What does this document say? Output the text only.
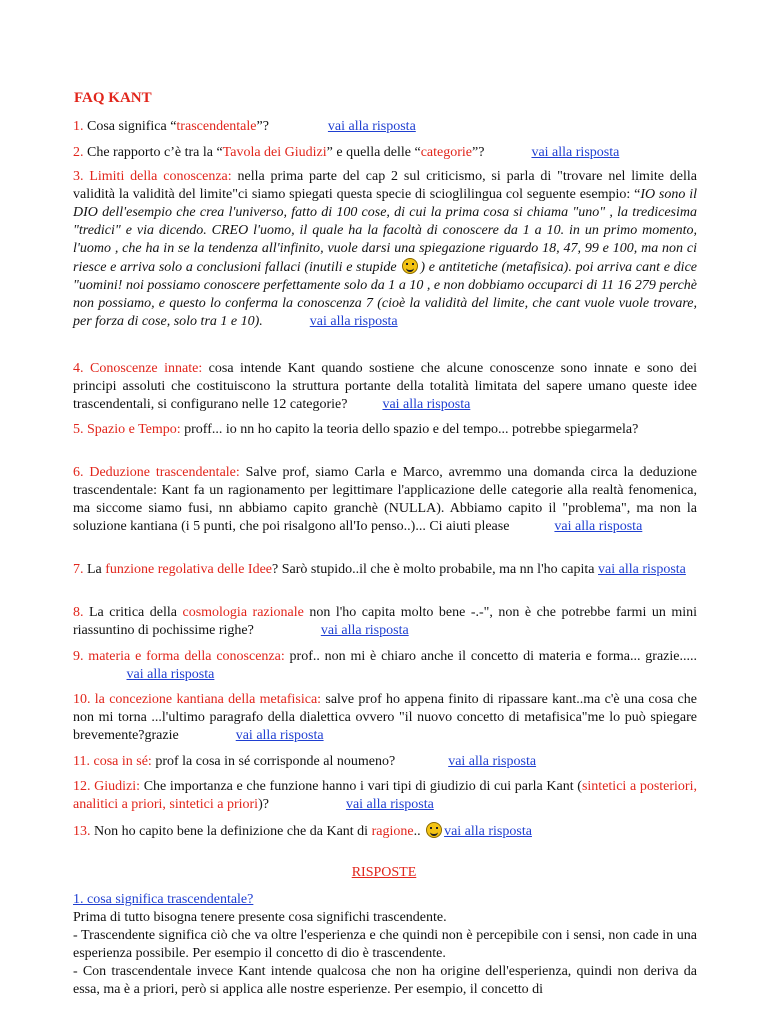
FAQ KANT

1. Cosa significa “trascendentale”?	vai alla risposta

2. Che rapporto c’è tra la “Tavola dei Giudizi” e quella delle “categorie”?	vai alla risposta

3. Limiti della conoscenza: nella prima parte del cap 2 sul criticismo, si parla di "trovare nel limite della validità la validità del limite"ci siamo spiegati questa specie di scioglilingua col seguente esempio: “IO sono il DIO dell'esempio che crea l'universo, fatto di 100 cose, di cui la prima cosa si chiama "uno" , la tredicesima "tredici" e via dicendo. CREO l'uomo, il quale ha la facoltà di conoscere da 1 a 10. in un primo momento, l'uomo , che ha in se la tendenza all'infinito, vuole darsi una spiegazione riguardo 18, 47, 99 e 100, ma non ci riesce e arriva solo a conclusioni fallaci (inutili e stupide ) e antitetiche (metafisica). poi arriva cant e dice "uomini! noi possiamo conoscere perfettamente solo da 1 a 10 , e non dobbiamo occuparci di 11 16 279 perchè non possiamo, e questo lo conferma la conoscenza 7 (cioè la validità del limite, che cant vuole vuole trovare, per forza di cose, solo tra 1 e 10).	vai alla risposta

4. Conoscenze innate: cosa intende Kant quando sostiene che alcune conoscenze sono innate e sono dei principi assoluti che costituiscono la struttura portante della totalità limitata del sapere umano queste idee trascendentali, si configurano nelle 12 categorie?	vai alla risposta

5. Spazio e Tempo: proff... io nn ho capito la teoria dello spazio e del tempo... potrebbe spiegarmela?

6. Deduzione trascendentale: Salve prof, siamo Carla e Marco, avremmo una domanda circa la deduzione trascendentale: Kant fa un ragionamento per legittimare l'applicazione delle categorie alla realtà fenomenica, ma siccome siamo fusi, nn abbiamo capito granchè (NULLA). Abbiamo capito il "problema", ma non la soluzione kantiana (i 5 punti, che poi risalgono all'Io penso..)... Ci aiuti please	vai alla risposta

7. La funzione regolativa delle Idee? Sarò stupido..il che è molto probabile, ma nn l'ho capita vai alla risposta

8. La critica della cosmologia razionale non l'ho capita molto bene -.-", non è che potrebbe farmi un mini riassuntino di pochissime righe?	vai alla risposta

9. materia e forma della conoscenza: prof.. non mi è chiaro anche il concetto di materia e forma... grazie.....  vai alla risposta

10. la concezione kantiana della metafisica: salve prof ho appena finito di ripassare kant..ma c'è una cosa che non mi torna ...l'ultimo paragrafo della dialettica ovvero "il nuovo concetto di metafisica"me lo può spiegare brevemente?grazie	vai alla risposta

11. cosa in sé: prof la cosa in sé corrisponde al noumeno?	vai alla risposta

12. Giudizi: Che importanza e che funzione hanno i vari tipi di giudizio di cui parla Kant (sintetici a posteriori, analitici a priori, sintetici a priori)?	vai alla risposta

13. Non ho capito bene la definizione che da Kant di ragione.. vai alla risposta

RISPOSTE

1. cosa significa trascendentale?
Prima di tutto bisogna tenere presente cosa significhi trascendente.
- Trascendente significa ciò che va oltre l'esperienza e che quindi non è percepibile con i sensi, non cade in una esperienza possibile. Per esempio il concetto di dio è trascendente.
- Con trascendentale invece Kant intende qualcosa che non ha origine dell'esperienza, quindi non deriva da essa, ma è a priori, però si applica alle nostre esperienze. Per esempio, il concetto di
